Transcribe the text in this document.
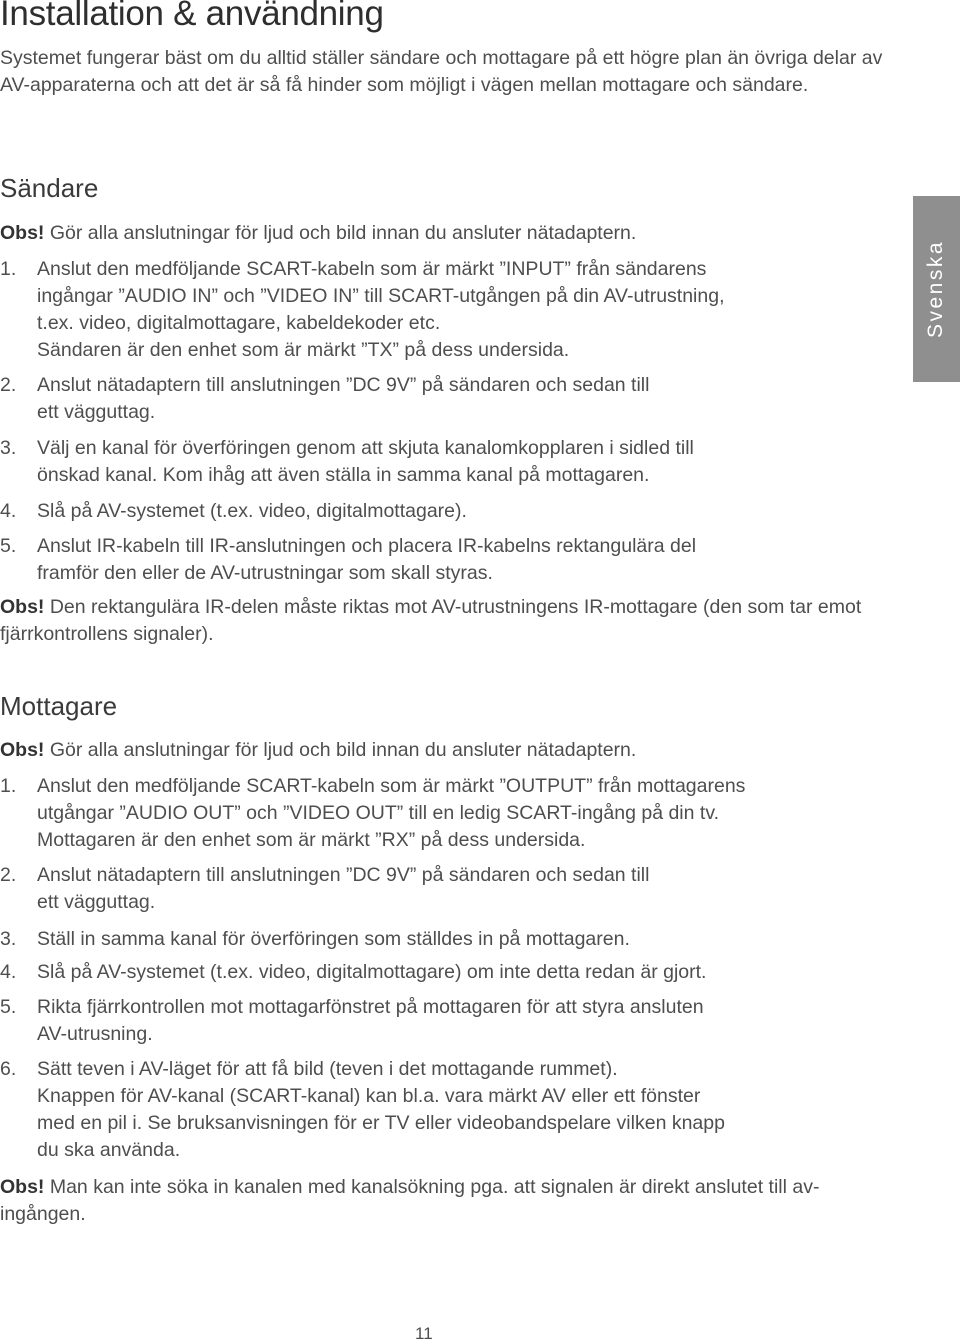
Installation & användning

Systemet fungerar bäst om du alltid ställer sändare och mottagare på ett högre plan än övriga delar av AV-apparaterna och att det är så få hinder som möjligt i vägen mellan mottagare och sändare.

Svenska
Sändare

Obs! Gör alla anslutningar för ljud och bild innan du ansluter nätadaptern.

1. Anslut den medföljande SCART-kabeln som är märkt ”INPUT” från sändarens
ingångar ”AUDIO IN” och ”VIDEO IN” till SCART-utgången på din AV-utrustning,
t.ex. video, digitalmottagare, kabeldekoder etc.
Sändaren är den enhet som är märkt ”TX” på dess undersida.
2. Anslut nätadaptern till anslutningen ”DC 9V” på sändaren och sedan till
ett vägguttag.
3. Välj en kanal för överföringen genom att skjuta kanalomkopplaren i sidled till
önskad kanal. Kom ihåg att även ställa in samma kanal på mottagaren.
4. Slå på AV-systemet (t.ex. video, digitalmottagare).
5. Anslut IR-kabeln till IR-anslutningen och placera IR-kabelns rektangulära del
framför den eller de AV-utrustningar som skall styras.

Obs! Den rektangulära IR-delen måste riktas mot AV-utrustningens IR-mottagare (den som tar emot fjärrkontrollens signaler).

Mottagare

Obs! Gör alla anslutningar för ljud och bild innan du ansluter nätadaptern.

1. Anslut den medföljande SCART-kabeln som är märkt ”OUTPUT” från mottagarens
utgångar ”AUDIO OUT” och ”VIDEO OUT” till en ledig SCART-ingång på din tv.
Mottagaren är den enhet som är märkt ”RX” på dess undersida.
2. Anslut nätadaptern till anslutningen ”DC 9V” på sändaren och sedan till
ett vägguttag.
3. Ställ in samma kanal för överföringen som ställdes in på mottagaren.
4. Slå på AV-systemet (t.ex. video, digitalmottagare) om inte detta redan är gjort.
5. Rikta fjärrkontrollen mot mottagarfönstret på mottagaren för att styra ansluten
AV-utrusning.
6. Sätt teven i AV-läget för att få bild (teven i det mottagande rummet).
Knappen för AV-kanal (SCART-kanal) kan bl.a. vara märkt AV eller ett fönster
med en pil i. Se bruksanvisningen för er TV eller videobandspelare vilken knapp
du ska använda.

Obs! Man kan inte söka in kanalen med kanalsökning pga. att signalen är direkt anslutet till av-ingången.

11
